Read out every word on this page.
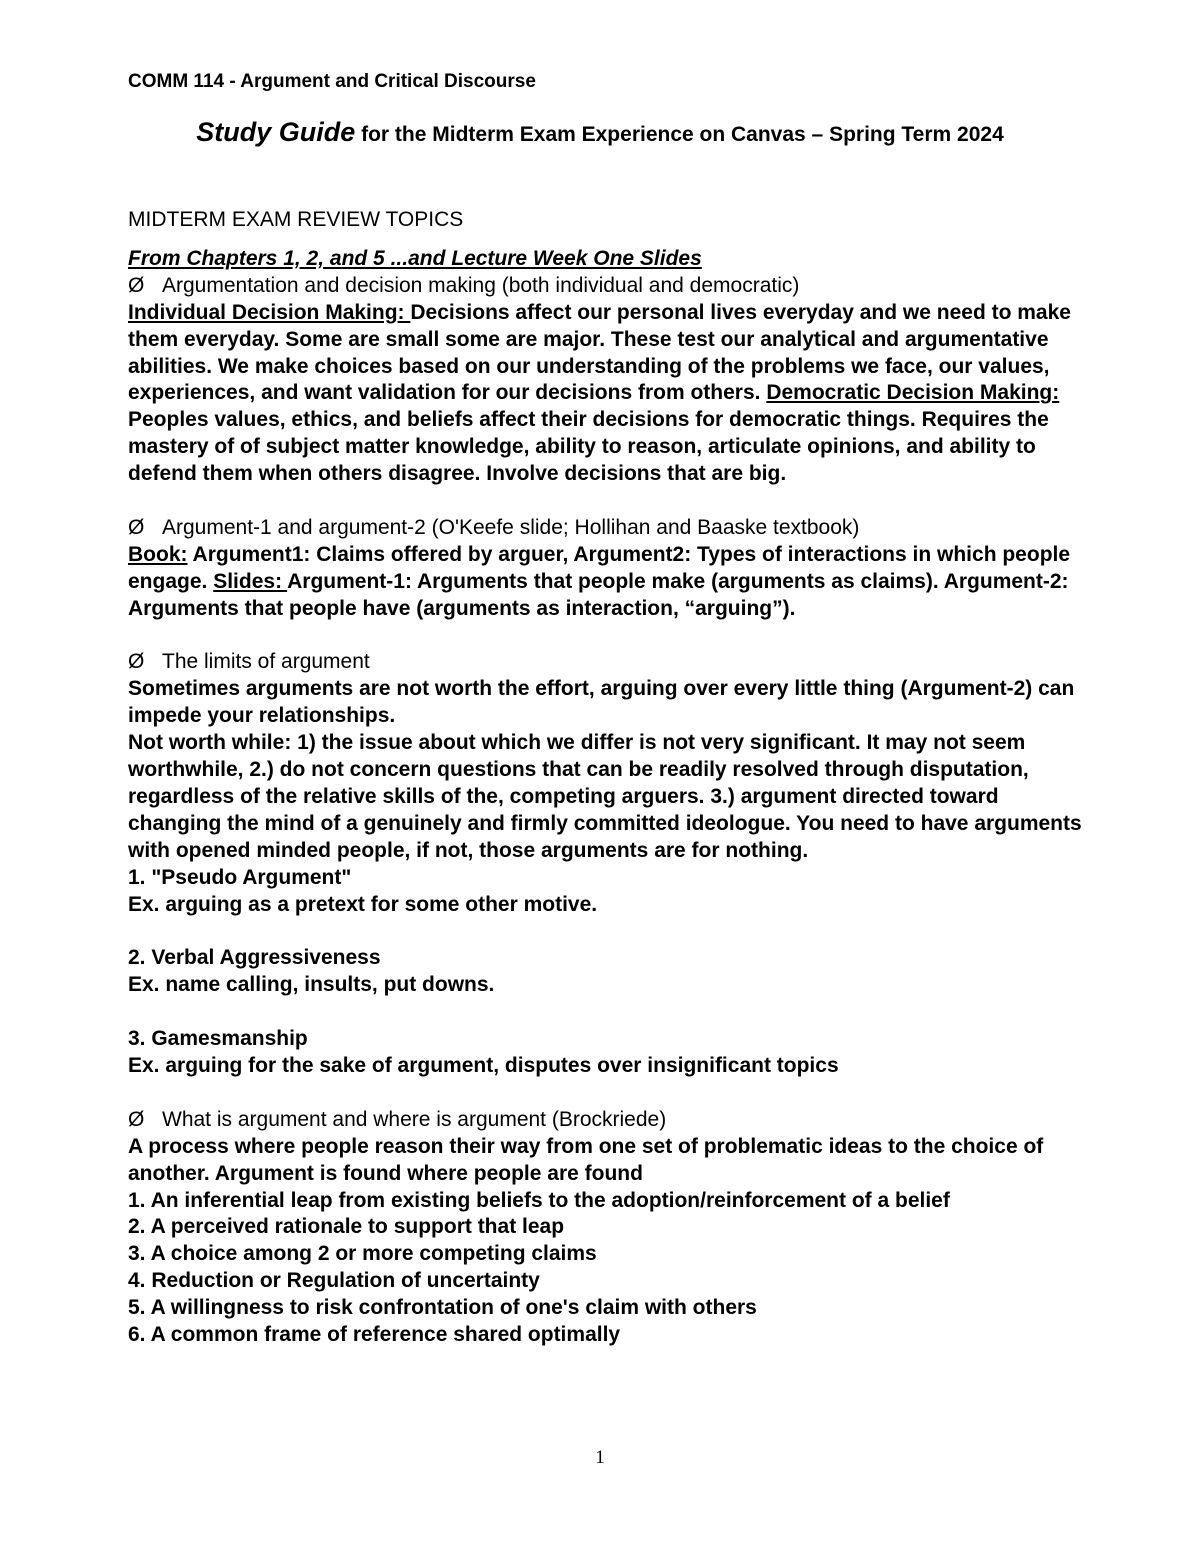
COMM 114 - Argument and Critical Discourse
Study Guide for the Midterm Exam Experience on Canvas – Spring Term 2024

MIDTERM EXAM REVIEW TOPICS

From Chapters 1, 2, and 5 ...and Lecture Week One Slides

Ø Argumentation and decision making (both individual and democratic)

Individual Decision Making: Decisions affect our personal lives everyday and we need to make them everyday. Some are small some are major. These test our analytical and argumentative abilities. We make choices based on our understanding of the problems we face, our values, experiences, and want validation for our decisions from others. Democratic Decision Making: Peoples values, ethics, and beliefs affect their decisions for democratic things. Requires the mastery of of subject matter knowledge, ability to reason, articulate opinions, and ability to defend them when others disagree. Involve decisions that are big.

Ø Argument-1 and argument-2 (O'Keefe slide; Hollihan and Baaske textbook)

Book: Argument1: Claims offered by arguer, Argument2: Types of interactions in which people engage. Slides: Argument-1: Arguments that people make (arguments as claims). Argument-2: Arguments that people have (arguments as interaction, “arguing”).

Ø The limits of argument

Sometimes arguments are not worth the effort, arguing over every little thing (Argument-2) can impede your relationships.

Not worth while: 1) the issue about which we differ is not very significant. It may not seem worthwhile, 2.) do not concern questions that can be readily resolved through disputation, regardless of the relative skills of the, competing arguers. 3.) argument directed toward changing the mind of a genuinely and firmly committed ideologue. You need to have arguments with opened minded people, if not, those arguments are for nothing.

1. "Pseudo Argument"

Ex. arguing as a pretext for some other motive.

2. Verbal Aggressiveness

Ex. name calling, insults, put downs.

3. Gamesmanship

Ex. arguing for the sake of argument, disputes over insignificant topics

Ø What is argument and where is argument (Brockriede)

A process where people reason their way from one set of problematic ideas to the choice of another. Argument is found where people are found

1. An inferential leap from existing beliefs to the adoption/reinforcement of a belief

2. A perceived rationale to support that leap

3. A choice among 2 or more competing claims

4. Reduction or Regulation of uncertainty

5. A willingness to risk confrontation of one's claim with others

6. A common frame of reference shared optimally

1
